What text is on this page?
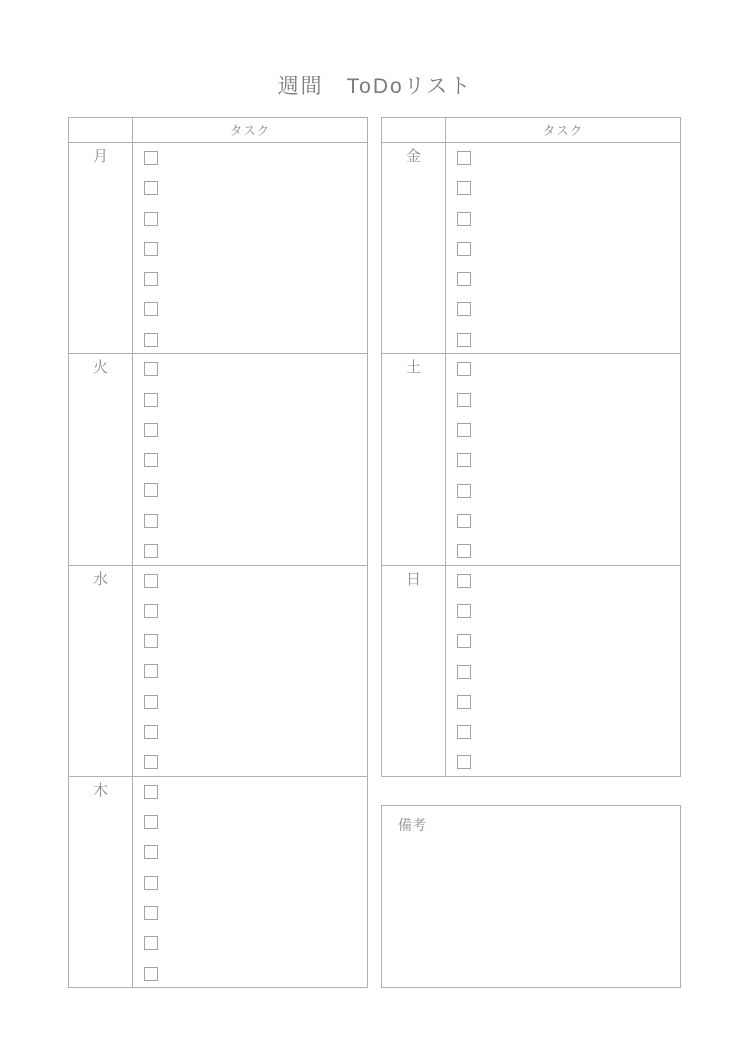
週間　ToDoリスト
タスク
月
火
水
木
タスク
金
土
日
備考
